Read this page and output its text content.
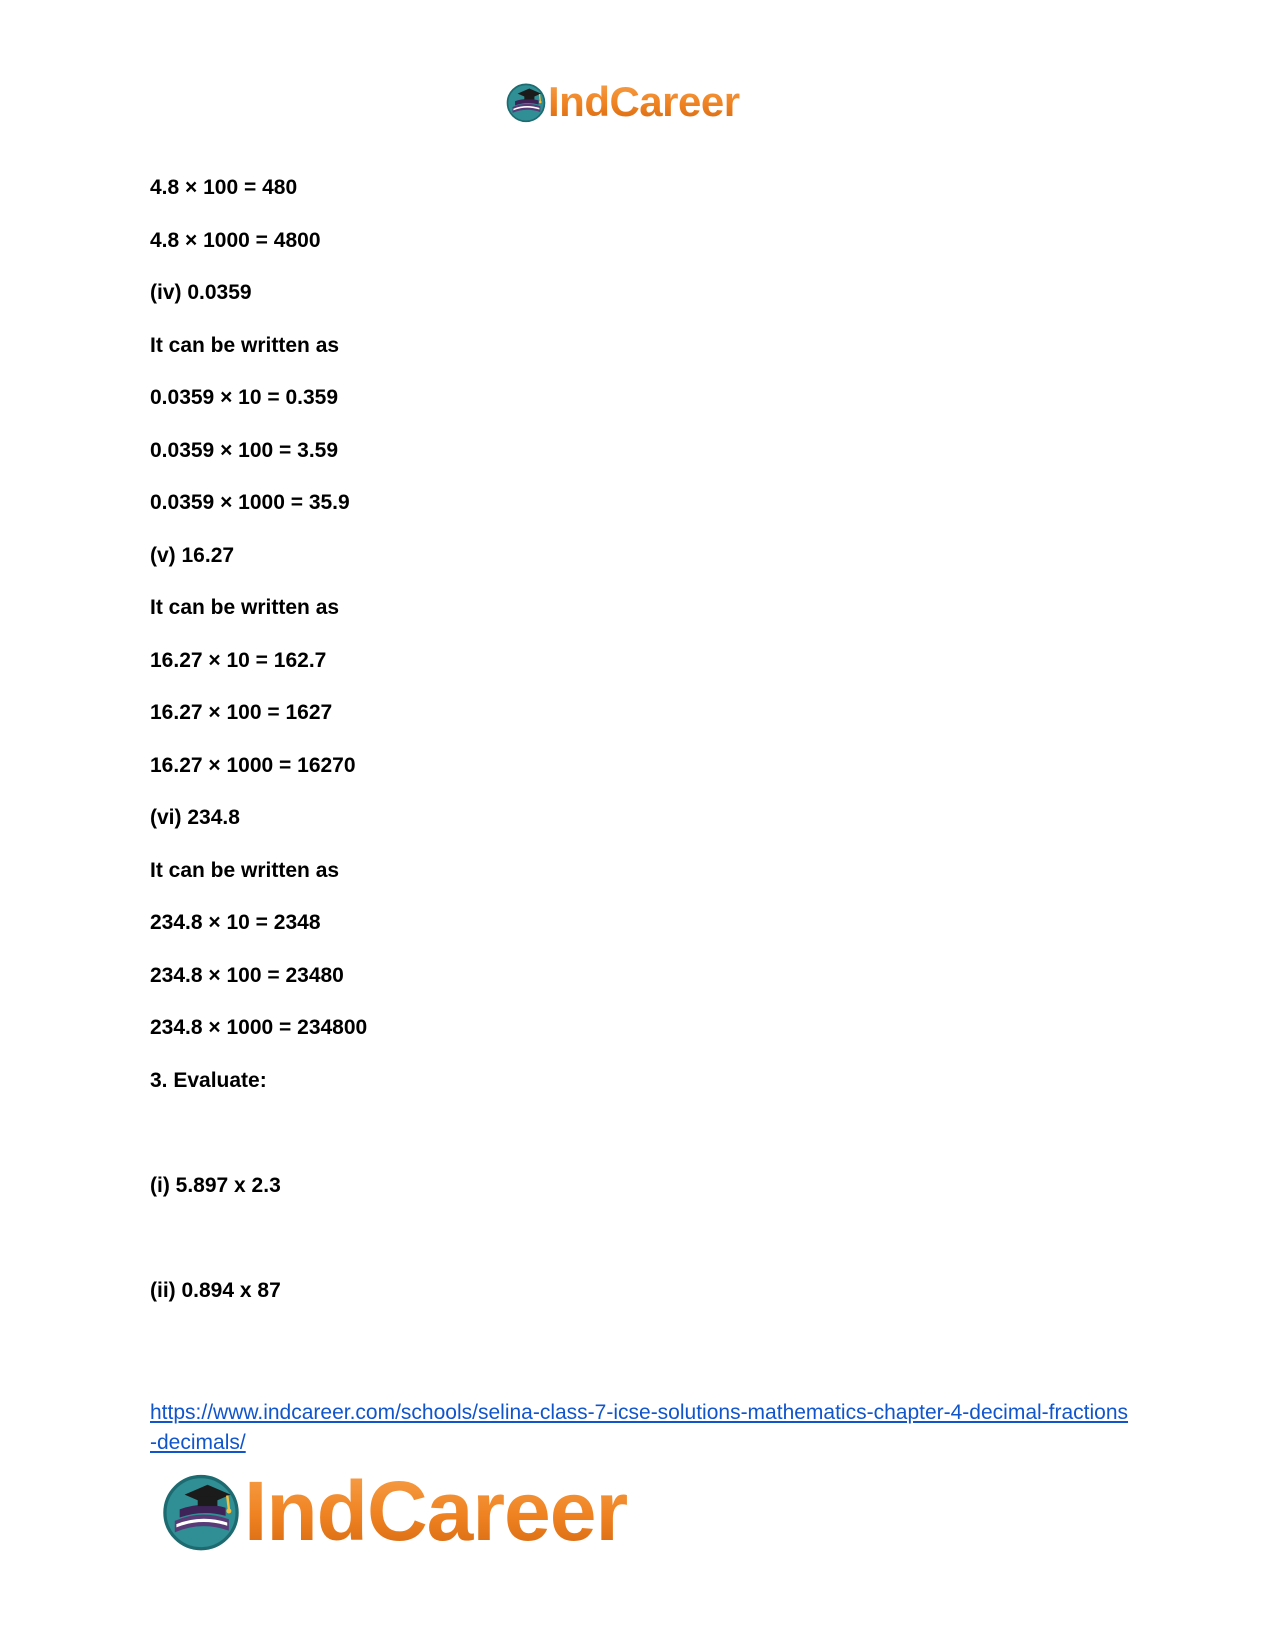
IndCareer
4.8 × 100 = 480
4.8 × 1000 = 4800
(iv) 0.0359
It can be written as
0.0359 × 10 = 0.359
0.0359 × 100 = 3.59
0.0359 × 1000 = 35.9
(v) 16.27
It can be written as
16.27 × 10 = 162.7
16.27 × 100 = 1627
16.27 × 1000 = 16270
(vi) 234.8
It can be written as
234.8 × 10 = 2348
234.8 × 100 = 23480
234.8 × 1000 = 234800
3. Evaluate:
(i) 5.897 x 2.3
(ii) 0.894 x 87
https://www.indcareer.com/schools/selina-class-7-icse-solutions-mathematics-chapter-4-decimal-fractions-decimals/
IndCareer
